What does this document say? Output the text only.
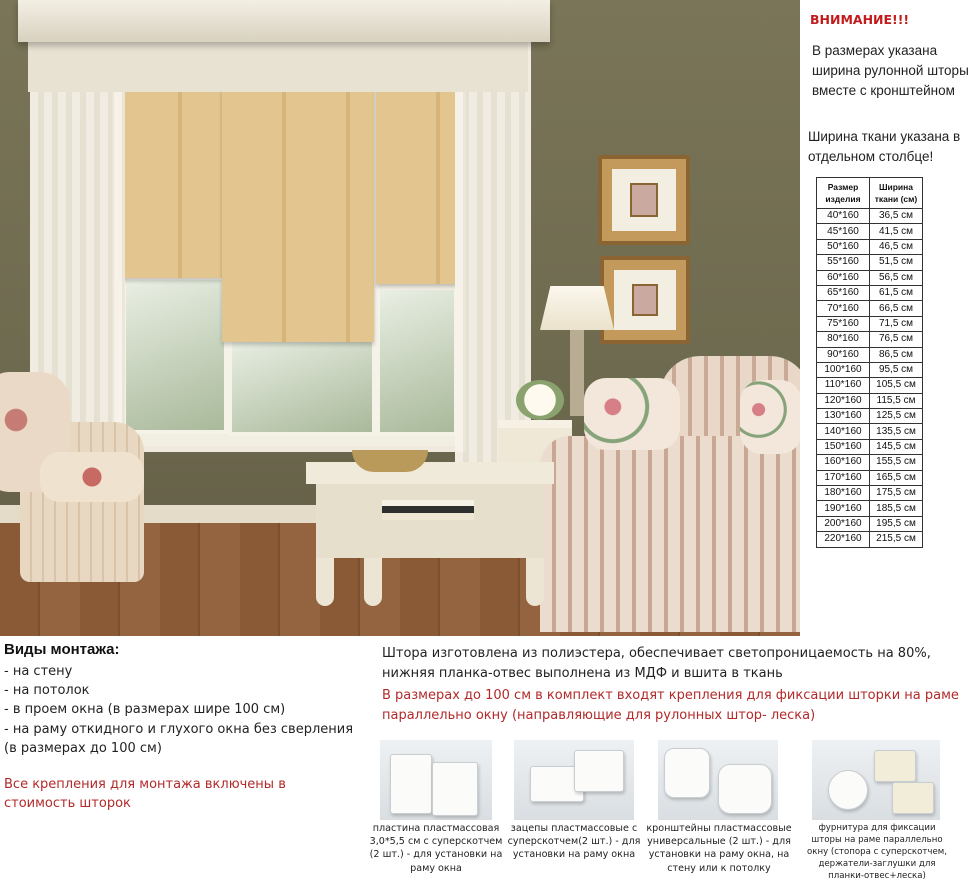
ВНИМАНИЕ!!!
В размерах указана ширина рулонной шторы вместе с кронштейном
Ширина ткани указана в отдельном столбце!
Размер изделия	Ширина ткани (см)
40*160	36,5 см
45*160	41,5 см
50*160	46,5 см
55*160	51,5 см
60*160	56,5 см
65*160	61,5 см
70*160	66,5 см
75*160	71,5 см
80*160	76,5 см
90*160	86,5 см
100*160	95,5 см
110*160	105,5 см
120*160	115,5 см
130*160	125,5 см
140*160	135,5 см
150*160	145,5 см
160*160	155,5 см
170*160	165,5 см
180*160	175,5 см
190*160	185,5 см
200*160	195,5 см
220*160	215,5 см
Виды монтажа:
- на стену
- на потолок
- в проем окна (в размерах шире 100 см)
- на раму откидного и глухого окна без сверления
(в размерах до 100 см)
Все крепления для монтажа включены в стоимость шторок
Штора изготовлена из полиэстера, обеспечивает светопроницаемость на 80%, нижняя планка-отвес выполнена из МДФ и вшита в ткань
В размерах до 100 см в комплект входят крепления для фиксации шторки на раме параллельно окну (направляющие для рулонных штор- леска)
пластина пластмассовая 3,0*5,5 см с суперскотчем (2 шт.) - для установки на раму окна
зацепы пластмассовые с суперскотчем(2 шт.) - для установки на раму окна
кронштейны пластмассовые универсальные (2 шт.) - для установки на раму окна, на стену или к потолку
фурнитура для фиксации шторы на раме параллельно окну (стопора с суперскотчем, держатели-заглушки для планки-отвес+леска)
